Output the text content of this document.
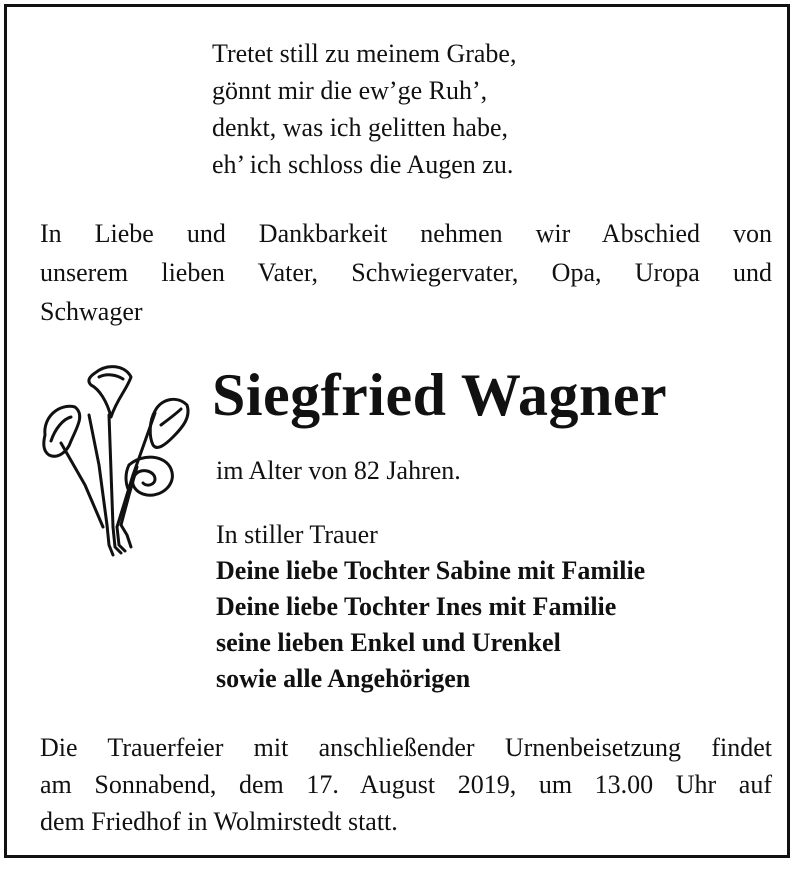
Tretet still zu meinem Grabe,
gönnt mir die ew’ge Ruh’,
denkt, was ich gelitten habe,
eh’ ich schloss die Augen zu.
In Liebe und Dankbarkeit nehmen wir Abschied von
unserem lieben Vater, Schwiegervater, Opa, Uropa und
Schwager
Siegfried Wagner
im Alter von 82 Jahren.
In stiller Trauer
Deine liebe Tochter Sabine mit Familie
Deine liebe Tochter Ines mit Familie
seine lieben Enkel und Urenkel
sowie alle Angehörigen
Die Trauerfeier mit anschließender Urnenbeisetzung findet
am Sonnabend, dem 17. August 2019, um 13.00 Uhr auf
dem Friedhof in Wolmirstedt statt.
